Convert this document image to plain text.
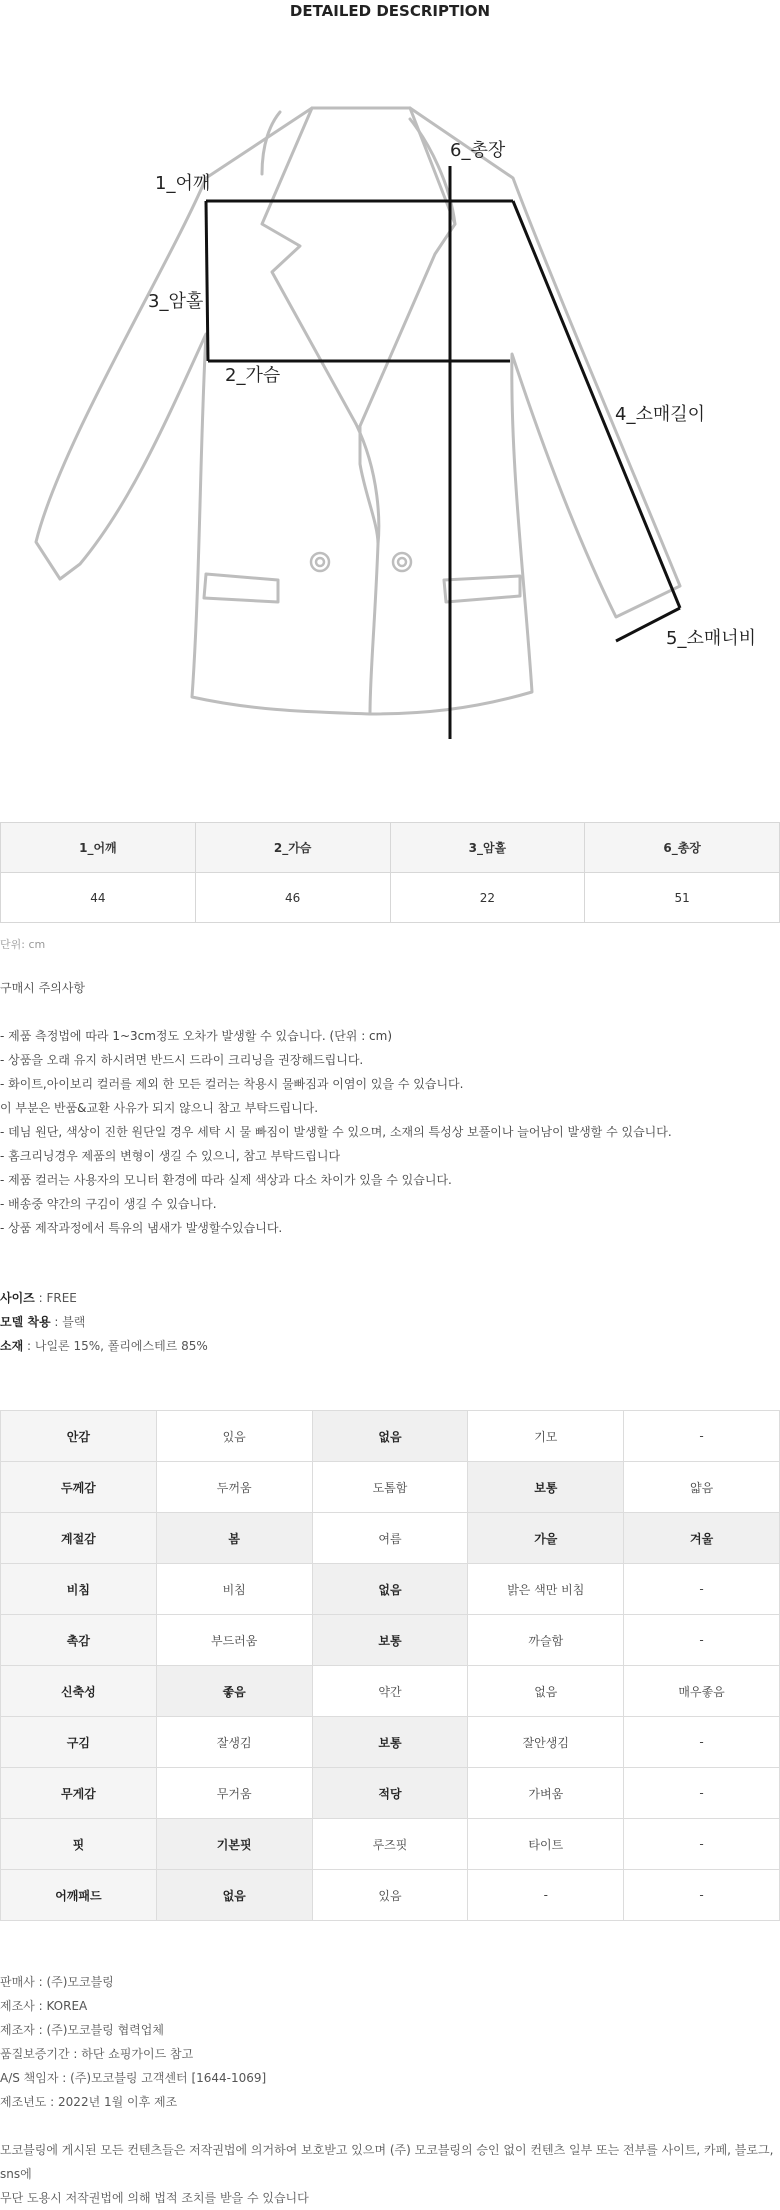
DETAILED DESCRIPTION
1_어깨
2_가슴
3_암홀
4_소매길이
5_소매너비
6_총장
1_어깨	2_가슴	3_암홀	6_총장
44	46	22	51
단위: cm
구매시 주의사항
- 제품 측정법에 따라 1~3cm정도 오차가 발생할 수 있습니다. (단위 : cm)
- 상품을 오래 유지 하시려면 반드시 드라이 크리닝을 권장해드립니다.
- 화이트,아이보리 컬러를 제외 한 모든 컬러는 착용시 물빠짐과 이염이 있을 수 있습니다.
이 부분은 반품&교환 사유가 되지 않으니 참고 부탁드립니다.
- 데님 원단, 색상이 진한 원단일 경우 세탁 시 물 빠짐이 발생할 수 있으며, 소재의 특성상 보풀이나 늘어남이 발생할 수 있습니다.
- 홈크리닝경우 제품의 변형이 생길 수 있으니, 참고 부탁드립니다
- 제품 컬러는 사용자의 모니터 환경에 따라 실제 색상과 다소 차이가 있을 수 있습니다.
- 배송중 약간의 구김이 생길 수 있습니다.
- 상품 제작과정에서 특유의 냄새가 발생할수있습니다.
사이즈 : FREE
모델 착용 : 블랙
소재 : 나일론 15%, 폴리에스테르 85%
안감	있음	없음	기모	-
두께감	두꺼움	도톰함	보통	얇음
계절감	봄	여름	가을	겨울
비침	비침	없음	밝은 색만 비침	-
촉감	부드러움	보통	까슬함	-
신축성	좋음	약간	없음	매우좋음
구김	잘생김	보통	잘안생김	-
무게감	무거움	적당	가벼움	-
핏	기본핏	루즈핏	타이트	-
어깨패드	없음	있음	-	-
판매사 : (주)모코블링
제조사 : KOREA
제조자 : (주)모코블링 협력업체
품질보증기간 : 하단 쇼핑가이드 참고
A/S 책임자 : (주)모코블링 고객센터 [1644-1069]
제조년도 : 2022년 1월 이후 제조
모코블링에 게시된 모든 컨텐츠들은 저작권법에 의거하여 보호받고 있으며 (주) 모코블링의 승인 없이 컨텐츠 일부 또는 전부를 사이트, 카페, 블로그, sns에
무단 도용시 저작권법에 의해 법적 조치를 받을 수 있습니다
